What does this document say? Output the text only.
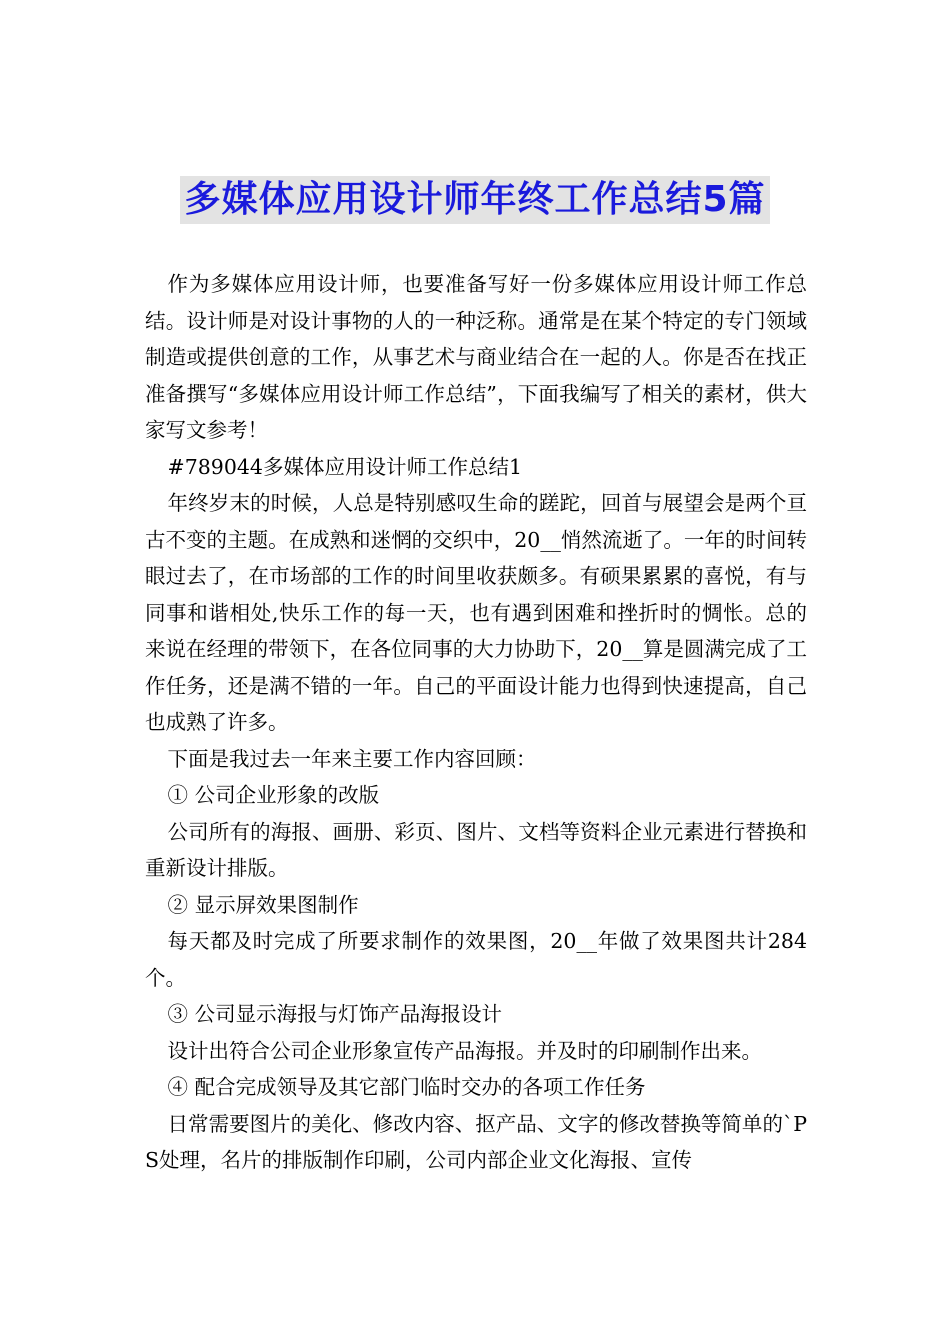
多媒体应用设计师年终工作总结5篇

作为多媒体应用设计师，也要准备写好一份多媒体应用设计师工作总结。设计师是对设计事物的人的一种泛称。通常是在某个特定的专门领域制造或提供创意的工作，从事艺术与商业结合在一起的人。你是否在找正准备撰写“多媒体应用设计师工作总结”，下面我编写了相关的素材，供大家写文参考！

#789044多媒体应用设计师工作总结1

年终岁末的时候，人总是特别感叹生命的蹉跎，回首与展望会是两个亘古不变的主题。在成熟和迷惘的交织中，20__悄然流逝了。一年的时间转眼过去了，在市场部的工作的时间里收获颇多。有硕果累累的喜悦，有与同事和谐相处,快乐工作的每一天，也有遇到困难和挫折时的惆怅。总的来说在经理的带领下，在各位同事的大力协助下，20__算是圆满完成了工作任务，还是满不错的一年。自己的平面设计能力也得到快速提高，自己也成熟了许多。

下面是我过去一年来主要工作内容回顾：

① 公司企业形象的改版

公司所有的海报、画册、彩页、图片、文档等资料企业元素进行替换和重新设计排版。

② 显示屏效果图制作

每天都及时完成了所要求制作的效果图，20__年做了效果图共计284个。

③ 公司显示海报与灯饰产品海报设计

设计出符合公司企业形象宣传产品海报。并及时的印刷制作出来。

④ 配合完成领导及其它部门临时交办的各项工作任务

日常需要图片的美化、修改内容、抠产品、文字的修改替换等简单的`PS处理，名片的排版制作印刷，公司内部企业文化海报、宣传
